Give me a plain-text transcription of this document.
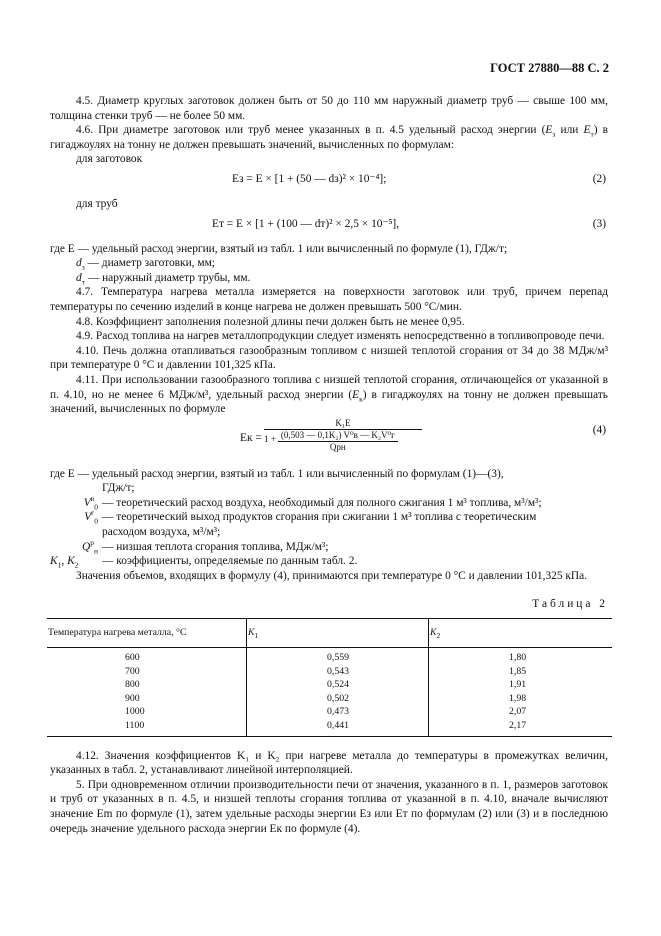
ГОСТ 27880—88 С. 2

4.5. Диаметр круглых заготовок должен быть от 50 до 110 мм наружный диаметр труб — свыше 100 мм, толщина стенки труб — не более 50 мм.

4.6. При диаметре заготовок или труб менее указанных в п. 4.5 удельный расход энергии ($E_з$ или $E_т$) в гигаджоулях на тонну не должен превышать значений, вычисленных по формулам:

для заготовок

Eз = E × [1 + (50 — dз)² × 10⁻⁴];	(2)

для труб

Eт = E × [1 + (100 — dт)² × 2,5 × 10⁻⁵],	(3)

где E — удельный расход энергии, взятый из табл. 1 или вычисленный по формуле (1), ГДж/т;

$d_з$ — диаметр заготовки, мм;

$d_т$ — наружный диаметр трубы, мм.

4.7. Температура нагрева металла измеряется на поверхности заготовок или труб, причем перепад температуры по сечению изделий в конце нагрева не должен превышать 500 °С/мин.

4.8. Коэффициент заполнения полезной длины печи должен быть не менее 0,95.

4.9. Расход топлива на нагрев металлопродукции следует изменять непосредственно в топливопроводе печи.

4.10. Печь должна отапливаться газообразным топливом с низшей теплотой сгорания от 34 до 38 МДж/м³ при температуре 0 °С и давлении 101,325 кПа.

4.11. При использовании газообразного топлива с низшей теплотой сгорания, отличающейся от указанной в п. 4.10, но не менее 6 МДж/м³, удельный расход энергии $(E_к)$ в гигаджоулях на тонну не должен превышать значений, вычисленных по формуле

Eк =
K₁E
1 + (0,503 — 0,1K₂) V⁰в — K₂V⁰г
Qрн
(4)

где E — удельный расход энергии, взятый из табл. 1 или вычисленный по формулам (1)—(3),

ГДж/т;

$V^в_0$ — теоретический расход воздуха, необходимый для полного сжигания 1 м³ топлива, м³/м³;
$V^г_0$ — теоретический выход продуктов сгорания при сжигании 1 м³ топлива с теоретическим

расходом воздуха, м³/м³;

$Q^р_н$ — низшая теплота сгорания топлива, МДж/м³;
$K_1$, $K_2$	— коэффициенты, определяемые по данным табл. 2.

Значения объемов, входящих в формулу (4), принимаются при температуре 0 °С и давлении 101,325 кПа.

Таблица 2
Температура нагрева металла, °С	$K_1$	$K_2$
600	0,559	1,80
700	0,543	1,85
800	0,524	1,91
900	0,502	1,98
1000	0,473	2,07
1100	0,441	2,17

4.12. Значения коэффициентов K₁ и K₂ при нагреве металла до температуры в промежутках величин, указанных в табл. 2, устанавливают линейной интерполяцией.

5. При одновременном отличии производительности печи от значения, указанного в п. 1, размеров заготовок и труб от указанных в п. 4.5, и низшей теплоты сгорания топлива от указанной в п. 4.10, вначале вычисляют значение Em по формуле (1), затем удельные расходы энергии Eз или Eт по формулам (2) или (3) и в последнюю очередь значение удельного расхода энергии Eк по формуле (4).
